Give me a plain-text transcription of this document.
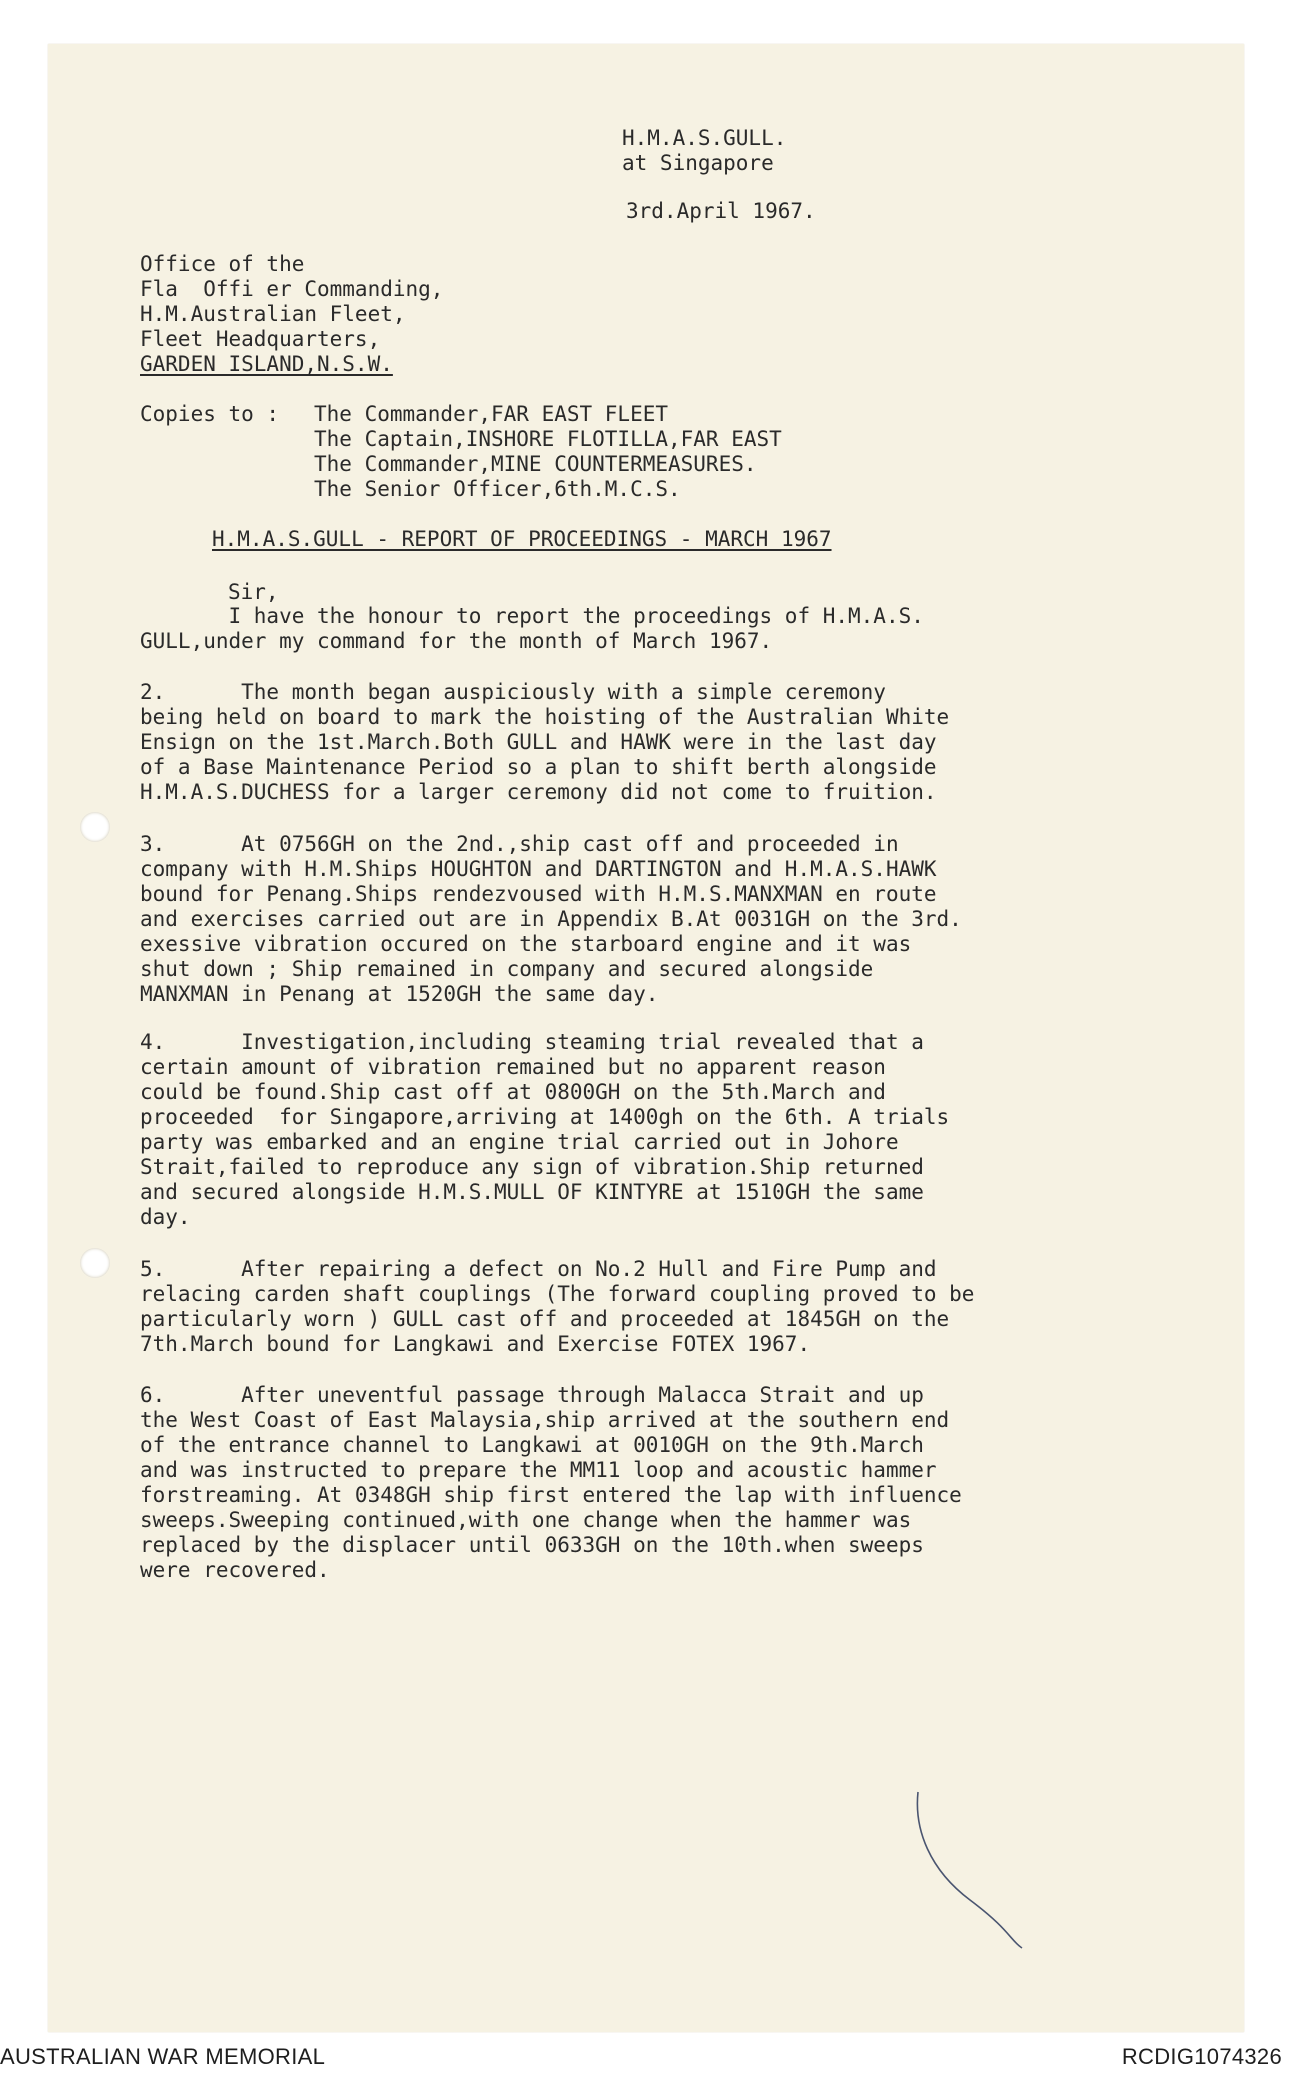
H.M.A.S.GULL.
at Singapore
3rd.April 1967.
Office of the
Fla  Offi er Commanding,
H.M.Australian Fleet,
Fleet Headquarters,
GARDEN ISLAND,N.S.W.
Copies to : The Commander,FAR EAST FLEET
The Captain,INSHORE FLOTILLA,FAR EAST
The Commander,MINE COUNTERMEASURES.
The Senior Officer,6th.M.C.S.
H.M.A.S.GULL - REPORT OF PROCEEDINGS - MARCH 1967
Sir,
I have the honour to report the proceedings of H.M.A.S.
GULL,under my command for the month of March 1967.
2.      The month began auspiciously with a simple ceremony
being held on board to mark the hoisting of the Australian White
Ensign on the 1st.March.Both GULL and HAWK were in the last day
of a Base Maintenance Period so a plan to shift berth alongside
H.M.A.S.DUCHESS for a larger ceremony did not come to fruition.
3.      At 0756GH on the 2nd.,ship cast off and proceeded in
company with H.M.Ships HOUGHTON and DARTINGTON and H.M.A.S.HAWK
bound for Penang.Ships rendezvoused with H.M.S.MANXMAN en route
and exercises carried out are in Appendix B.At 0031GH on the 3rd.
exessive vibration occured on the starboard engine and it was
shut down ; Ship remained in company and secured alongside
MANXMAN in Penang at 1520GH the same day.
4.      Investigation,including steaming trial revealed that a
certain amount of vibration remained but no apparent reason
could be found.Ship cast off at 0800GH on the 5th.March and
proceeded  for Singapore,arriving at 1400gh on the 6th. A trials
party was embarked and an engine trial carried out in Johore
Strait,failed to reproduce any sign of vibration.Ship returned
and secured alongside H.M.S.MULL OF KINTYRE at 1510GH the same
day.
5.      After repairing a defect on No.2 Hull and Fire Pump and
relacing carden shaft couplings (The forward coupling proved to be
particularly worn ) GULL cast off and proceeded at 1845GH on the
7th.March bound for Langkawi and Exercise FOTEX 1967.
6.      After uneventful passage through Malacca Strait and up
the West Coast of East Malaysia,ship arrived at the southern end
of the entrance channel to Langkawi at 0010GH on the 9th.March
and was instructed to prepare the MM11 loop and acoustic hammer
forstreaming. At 0348GH ship first entered the lap with influence
sweeps.Sweeping continued,with one change when the hammer was
replaced by the displacer until 0633GH on the 10th.when sweeps
were recovered.
AUSTRALIAN WAR MEMORIAL	RCDIG1074326
